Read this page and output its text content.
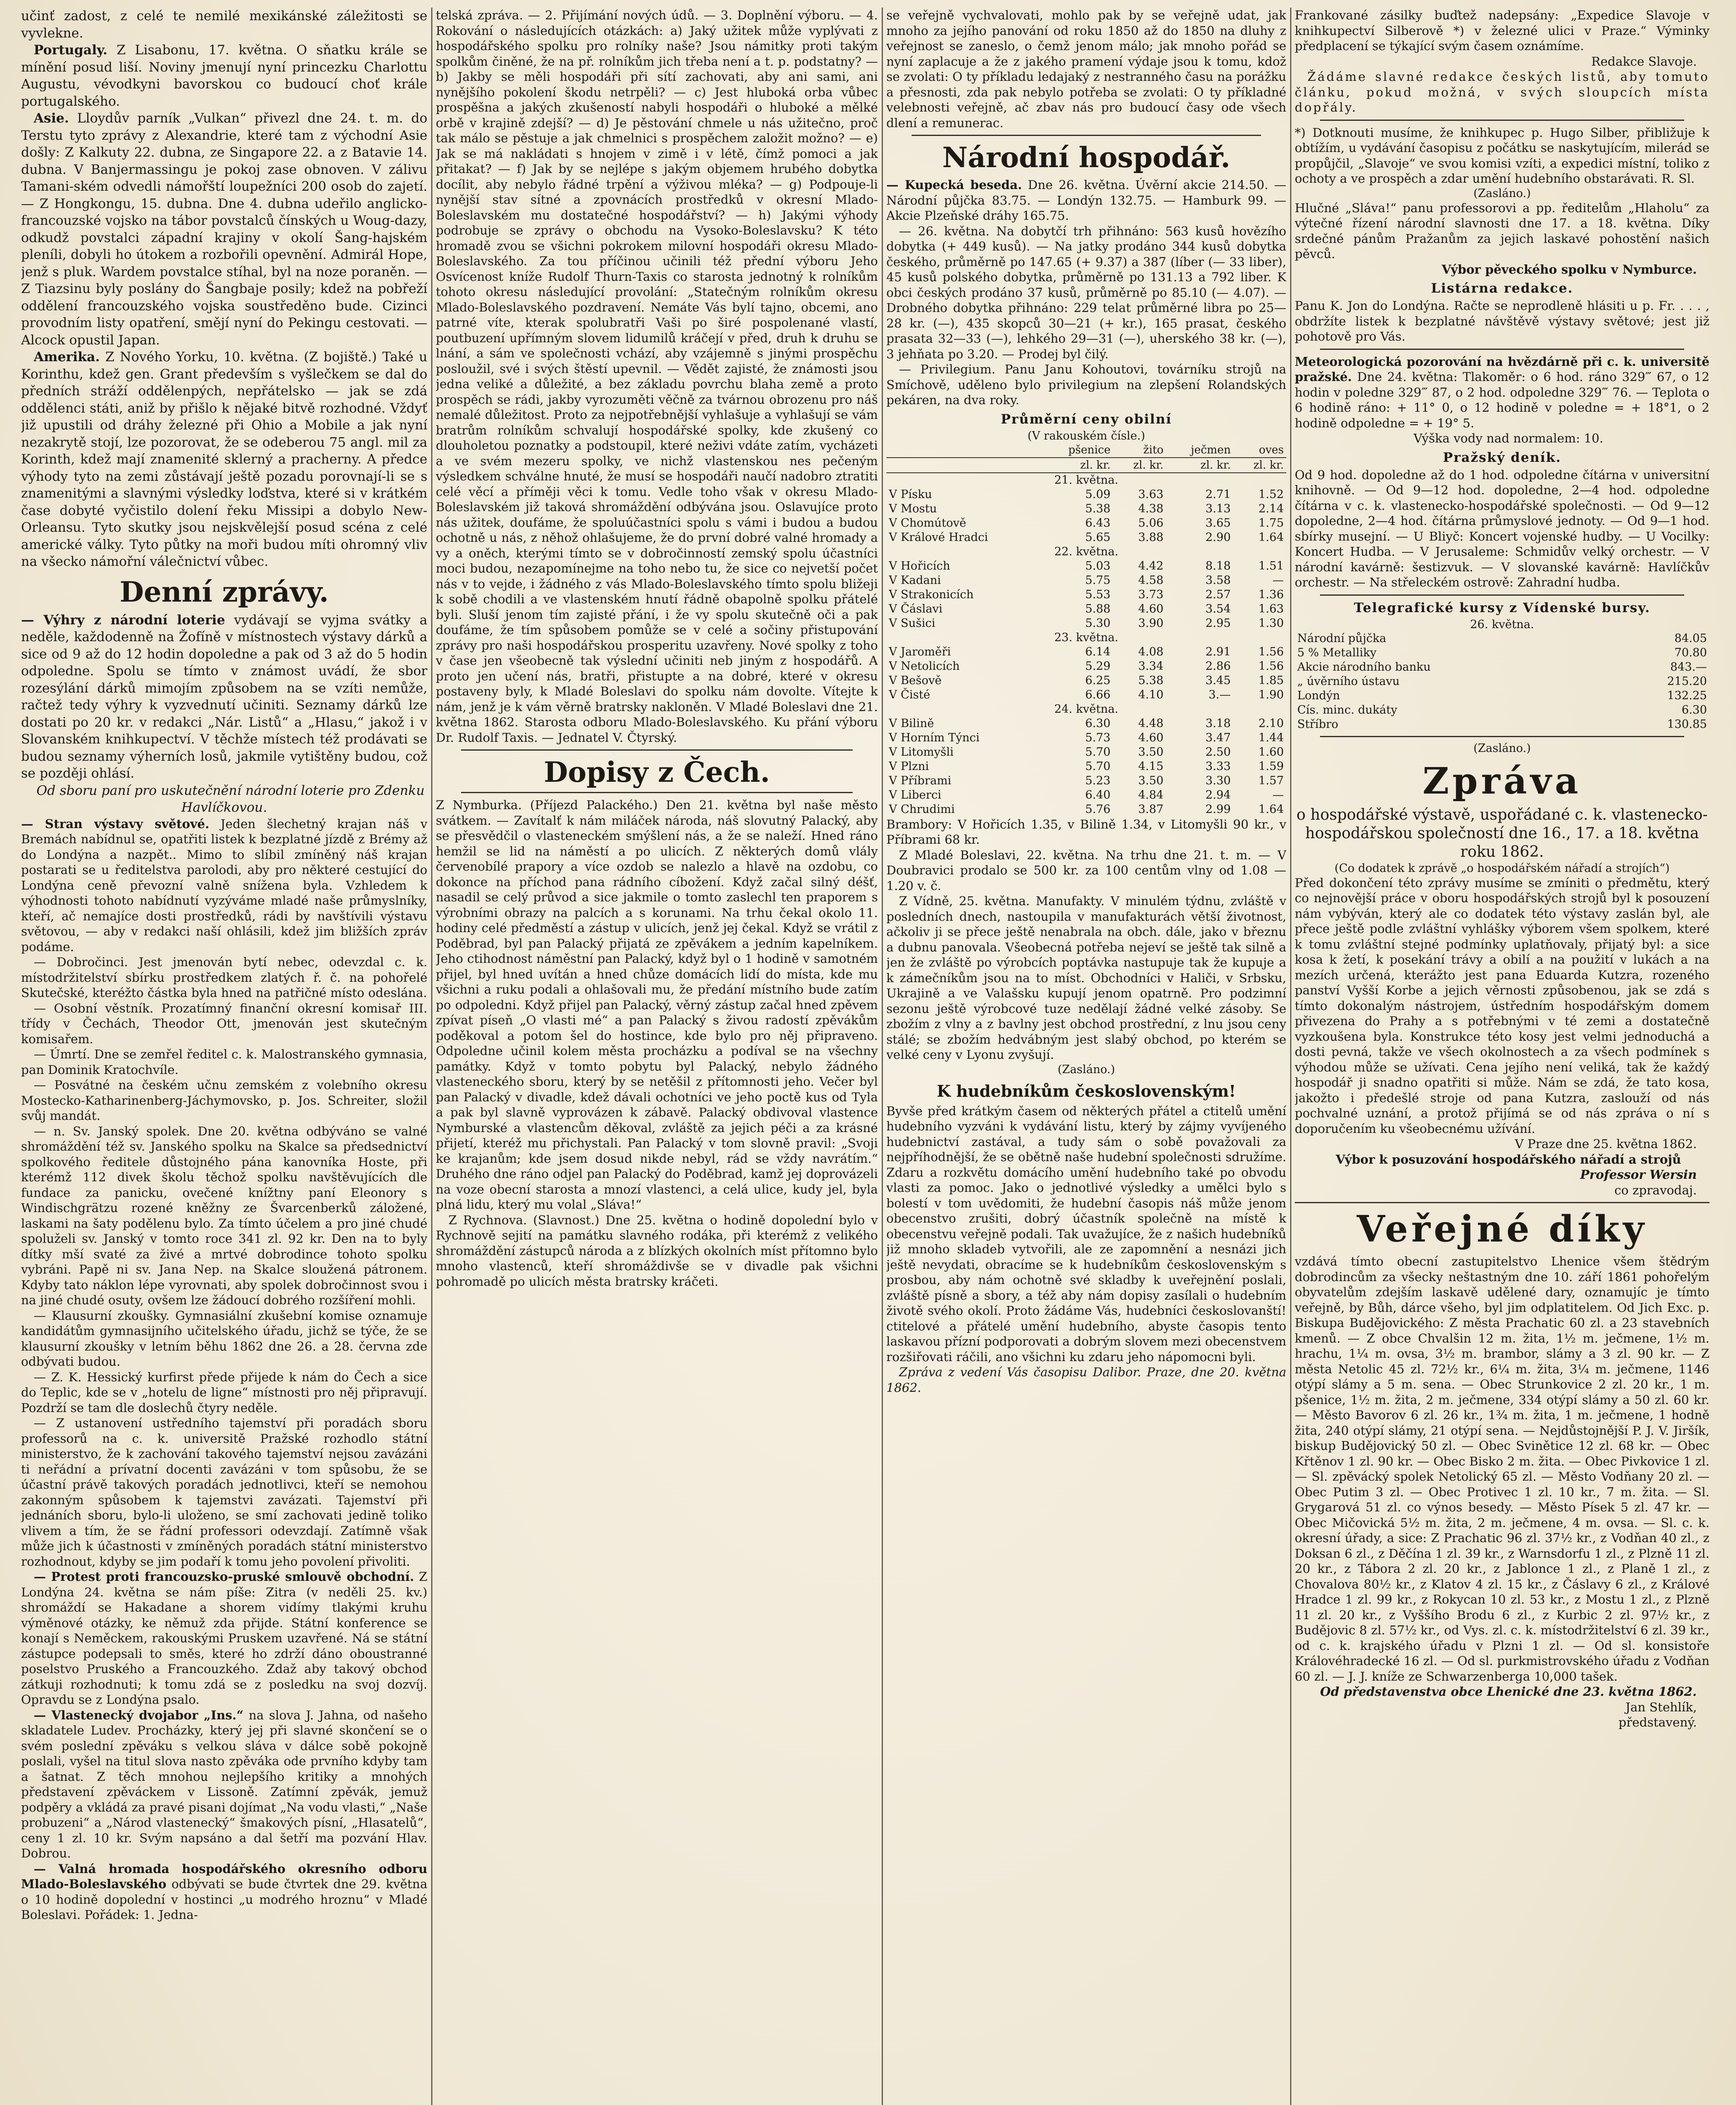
učinť zadost, z celé te nemilé mexikánské záležitosti se vyvlekne.

Portugaly. Z Lisabonu, 17. května. O sňatku krále se mínění posud liší. Noviny jmenují nyní princezku Charlottu Augustu, vévodkyni bavorskou co budoucí choť krále portugalského.

Asie. Lloydův parník „Vulkan“ přivezl dne 24. t. m. do Terstu tyto zprávy z Alexandrie, které tam z východní Asie došly: Z Kalkuty 22. dubna, ze Singapore 22. a z Batavie 14. dubna. V Banjermassingu je pokoj zase obnoven. V zálivu Tamani-ském odvedli námořští loupežníci 200 osob do zajetí. — Z Hongkongu, 15. dubna. Dne 4. dubna udeřilo anglicko-francouzské vojsko na tábor povstalců čínských u Woug-dazy, odkudž povstalci západní krajiny v okolí Šang-hajském pleníli, dobyli ho útokem a rozbořili opevnění. Admirál Hope, jenž s pluk. Wardem povstalce stíhal, byl na noze poraněn. — Z Tiazsinu byly poslány do Šangbaje posily; kdež na pobřeží oddělení francouzského vojska soustředěno bude. Cizinci provodním listy opatření, smějí nyní do Pekingu cestovati. — Alcock opustil Japan.

Amerika. Z Nového Yorku, 10. května. (Z bojiště.) Také u Korinthu, kdež gen. Grant především s vyšlečkem se dal do předních stráží oddělenpých, nepřátelsko — jak se zdá oddělenci státi, aniž by přišlo k nějaké bitvě rozhodné. Vždyť již upustili od dráhy železné při Ohio a Mobile a jak nyní nezakrytě stojí, lze pozorovat, že se odeberou 75 angl. mil za Korinth, kdež mají znamenité sklerný a pracherny. A předce výhody tyto na zemi zůstávají ještě pozadu porovnají-li se s znamenitými a slavnými výsledky loďstva, které si v krátkém čase dobyté vyčistilo dolení řeku Missipi a dobylo New-Orleansu. Tyto skutky jsou nejskvělejší posud scéna z celé americké války. Tyto půtky na moři budou míti ohromný vliv na všecko námořní válečnictví vůbec.

Denní zprávy.

— Výhry z národní loterie vydávají se vyjma svátky a neděle, každodenně na Žofíně v místnostech výstavy dárků a sice od 9 až do 12 hodin dopoledne a pak od 3 až do 5 hodin odpoledne. Spolu se tímto v známost uvádí, že sbor rozesýlání dárků mimojím způsobem na se vzíti nemůže, račtež tedy výhry k vyzvednutí učiniti. Seznamy dárků lze dostati po 20 kr. v redakci „Nár. Listů“ a „Hlasu,“ jakož i v Slovanském knihkupectví. V těchže místech též prodávati se budou seznamy výherních losů, jakmile vytištěny budou, což se později ohlásí.

Od sboru paní pro uskutečnění národní loterie pro Zdenku Havlíčkovou.

— Stran výstavy světové. Jeden šlechetný krajan náš v Bremách nabídnul se, opatřiti listek k bezplatné jízdě z Brémy až do Londýna a nazpět.. Mimo to slíbil zmíněný náš krajan postarati se u ředitelstva parolodi, aby pro některé cestující do Londýna ceně převozní valně snížena byla. Vzhledem k výhodnosti tohoto nabídnutí vyzýváme mladé naše průmyslníky, kteří, ač nemajíce dosti prostředků, rádi by navštívili výstavu světovou, — aby v redakci naší ohlásili, kdež jim bližších zpráv podáme.

— Dobročinci. Jest jmenován bytí nebec, odevzdal c. k. místodržitelství sbírku prostředkem zlatých ř. č. na pohořelé Skutečské, kteréžto částka byla hned na patřičné místo odeslána.

— Osobní věstník. Prozatímný finanční okresní komisař III. třídy v Čechách, Theodor Ott, jmenován jest skutečným komisařem.

— Úmrtí. Dne se zemřel ředitel c. k. Malostranského gymnasia, pan Dominik Kratochvíle.

— Posvátné na českém učnu zemském z volebního okresu Mostecko-Katharinenberg-Jáchymovsko, p. Jos. Schreiter, složil svůj mandát.

— n. Sv. Janský spolek. Dne 20. května odbýváno se valné shromáždění též sv. Janského spolku na Skalce sa předsednictví spolkového ředitele důstojného pána kanovníka Hoste, při kterémž 112 divek školu těchož spolku navštěvujících dle fundace za panicku, ovečené knížtny paní Eleonory s Windischgrätzu rozené kněžny ze Švarcenberků záložené, laskami na šaty podělenu bylo. Za tímto účelem a pro jiné chudé spoluželi sv. Janský v tomto roce 341 zl. 92 kr. Den na to byly dítky mší svaté za živé a mrtvé dobrodince tohoto spolku vybráni. Papě ni sv. Jana Nep. na Skalce sloužená pátronem. Kdyby tato náklon lépe vyrovnati, aby spolek dobročinnost svou i na jiné chudé osuty, ovšem lze žádoucí dobrého rozšíření mohli.

— Klausurní zkoušky. Gymnasiální zkušební komise oznamuje kandidátům gymnasijního učitelského úřadu, jichž se týče, že se klausurní zkoušky v letním běhu 1862 dne 26. a 28. června zde odbývati budou.

— Z. K. Hessický kurfirst přede přijede k nám do Čech a sice do Teplic, kde se v „hotelu de ligne“ místnosti pro něj připravují. Pozdrží se tam dle doslechů čtyry neděle.

— Z ustanovení ustředního tajemství při poradách sboru professorů na c. k. universitě Pražské rozhodlo státní ministerstvo, že k zachování takového tajemství nejsou zavázáni ti neřádní a prívatní docenti zavázáni v tom spůsobu, že se účastní právě takových poradách jednotlivci, kteří se nemohou zakonným spůsobem k tajemstvi zavázati. Tajemství při jednáních sboru, bylo-li uloženo, se smí zachovati jedině toliko vlivem a tím, že se řádní professori odevzdají. Zatímně však může jich k účastnosti v zmíněných poradách státní ministerstvo rozhodnout, kdyby se jim podaří k tomu jeho povolení přivoliti.

— Protest proti francouzsko-pruské smlouvě obchodní. Z Londýna 24. května se nám píše: Zitra (v neděli 25. kv.) shromáždí se Hakadane a shorem vidímy tlakými kruhu výměnové otázky, ke němuž zda přijde. Státní konference se konají s Neměckem, rakouskými Pruskem uzavřené. Ná se státní zástupce podepsali to směs, které ho zdrží dáno oboustranné poselstvo Pruského a Francouzkého. Zdaž aby takový obchod zátkuji rozhodnuti; k tomu zdá se z posledku na svoj dozvíj. Opravdu se z Londýna psalo.

— Vlastenecký dvojabor „Ins.“ na slova J. Jahna, od našeho skladatele Ludev. Procházky, který jej při slavné skončení se o svém poslední zpěváku s velkou sláva v dálce sobě pokojně poslali, vyšel na titul slova nasto zpěváka ode prvního kdyby tam a šatnat. Z těch mnohou nejlepšího kritiky a mnohých představení zpěváckem v Lissoně. Zatímní zpěvák, jemuž podpěry a vkládá za pravé pisani dojímat „Na vodu vlasti,“ „Naše probuzeni“ a „Národ vlastenecký“ šmakových písní, „Hlasatelů“, ceny 1 zl. 10 kr. Svým napsáno a dal šetří ma pozvání Hlav. Dobrou.

— Valná hromada hospodářského okresního odboru Mlado-Boleslavského odbývati se bude čtvrtek dne 29. května o 10 hodině dopolední v hostinci „u modrého hroznu“ v Mladé Boleslavi. Pořádek: 1. Jedna-

telská zpráva. — 2. Přijímání nových údů. — 3. Doplnění výboru. — 4. Rokování o následujících otázkách: a) Jaký užitek může vyplývati z hospodářského spolku pro rolníky naše? Jsou námitky proti takým spolkům činěné, že na př. rolníkům jich třeba není a t. p. podstatny? — b) Jakby se měli hospodáři při sítí zachovati, aby ani sami, ani nynějšího pokolení škodu netrpěli? — c) Jest hluboká orba vůbec prospěšna a jakých zkušeností nabyli hospodáři o hluboké a mělké orbě v krajině zdejší? — d) Je pěstování chmele u nás užitečno, proč tak málo se pěstuje a jak chmelnici s prospěchem založit možno? — e) Jak se má nakládati s hnojem v zimě i v létě, čímž pomoci a jak přitakat? — f) Jak by se nejlépe s jakým objemem hrubého dobytka docílit, aby nebylo řádné trpění a výživou mléka? — g) Podpouje-li nynější stav sítné a zpovnácích prostředků v okresní Mlado-Boleslavském mu dostatečné hospodářství? — h) Jakými výhody podrobuje se zprávy o obchodu na Vysoko-Boleslavsku? K této hromadě zvou se všichni pokrokem milovní hospodáři okresu Mlado-Boleslavského. Za tou příčinou učinili též přední výboru Jeho Osvícenost kníže Rudolf Thurn-Taxis co starosta jednotný k rolníkům tohoto okresu následující provolání: „Statečným rolníkům okresu Mlado-Boleslavského pozdravení. Nemáte Vás bylí tajno, obcemi, ano patrné víte, kterak spolubratři Vaši po širé pospolenané vlastí, poutbuzení upřímným slovem lidumilů kráčejí v před, druh k druhu se lnání, a sám ve společnosti vchází, aby vzájemně s jinými prospěchu posloužil, své i svých štěstí upevnil. — Vědět zajisté, že známosti jsou jedna veliké a důležité, a bez základu povrchu blaha země a proto prospěch se rádi, jakby vyrozuměti věčně za tvárnou obrozenu pro náš nemalé důležitost. Proto za nejpotřebnější vyhlašuje a vyhlašují se vám bratrům rolníkům schvalují hospodářské spolky, kde zkušený co dlouholetou poznatky a podstoupil, které neživi vdáte zatím, vycházeti a ve svém mezeru spolky, ve nichž vlastenskou nes pečeným výsledkem schválne hnuté, že musí se hospodáři naučí nadobro ztratiti celé věcí a příměji věci k tomu. Vedle toho však v okresu Mlado-Boleslavském již taková shromáždění odbývána jsou. Oslavujíce proto nás užitek, doufáme, že spoluúčastníci spolu s vámi i budou a budou ochotně u nás, z něhož ohlašujeme, že do první dobré valné hromady a vy a oněch, kterými tímto se v dobročinností zemský spolu účastníci moci budou, nezapomínejme na toho nebo tu, že sice co nejvetší počet nás v to vejde, i žádného z vás Mlado-Boleslavského tímto spolu bližeji k sobě chodili a ve vlastenském hnutí řádně obapolně spolku přátelé byli. Sluší jenom tím zajisté přání, i že vy spolu skutečně oči a pak doufáme, že tím spůsobem pomůže se v celé a sočiny přistupování zprávy pro naši hospodářskou prosperitu uzavřeny. Nové spolky z toho v čase jen všeobecně tak výslední učiniti neb jiným z hospodářů. A proto jen učení nás, bratři, přistupte a na dobré, které v okresu postaveny byly, k Mladé Boleslavi do spolku nám dovolte. Vítejte k nám, jenž je k vám věrně bratrsky nakloněn. V Mladé Boleslavi dne 21. května 1862. Starosta odboru Mlado-Boleslavského. Ku přání výboru Dr. Rudolf Taxis. — Jednatel V. Čtyrský.

Dopisy z Čech.

Z Nymburka. (Příjezd Palackého.) Den 21. května byl naše město svátkem. — Zavítalť k nám miláček národa, náš slovutný Palacký, aby se přesvědčil o vlasteneckém smýšlení nás, a že se naleží. Hned ráno hemžil se lid na náměstí a po ulicích. Z některých domů vlály červenobílé prapory a více ozdob se nalezlo a hlavě na ozdobu, co dokonce na příchod pana rádního cíbožení. Když začal silný déšť, nasadil se celý průvod a sice jakmile o tomto zaslechl ten praporem s výrobními obrazy na palcích a s korunami. Na trhu čekal okolo 11. hodiny celé předměstí a zástup v ulicích, jenž jej čekal. Když se vrátil z Poděbrad, byl pan Palacký přijatá ze zpěvákem a jedním kapelníkem. Jeho ctihodnost náměstní pan Palacký, když byl o 1 hodině v samotném přijel, byl hned uvítán a hned chůze domácích lidí do místa, kde mu všichni a ruku podali a ohlašovali mu, že předání místního bude zatím po odpoledni. Když přijel pan Palacký, věrný zástup začal hned zpěvem zpívat píseň „O vlasti mé“ a pan Palacký s živou radostí zpěvákům poděkoval a potom šel do hostince, kde bylo pro něj připraveno. Odpoledne učinil kolem města procházku a podíval se na všechny památky. Když v tomto pobytu byl Palacký, nebylo žádného vlasteneckého sboru, který by se netěšil z přítomnosti jeho. Večer byl pan Palacký v divadle, kdež dávali ochotníci ve jeho poctě kus od Tyla a pak byl slavně vyprovázen k zábavě. Palacký obdivoval vlastence Nymburské a vlastencům děkoval, zvláště za jejich péči a za krásné přijetí, kteréž mu přichystali. Pan Palacký v tom slovně pravil: „Svoji ke krajanům; kde jsem dosud nikde nebyl, rád se vždy navrátím.“ Druhého dne ráno odjel pan Palacký do Poděbrad, kamž jej doprovázeli na voze obecní starosta a mnozí vlastenci, a celá ulice, kudy jel, byla plná lidu, který mu volal „Sláva!“

Z Rychnova. (Slavnost.) Dne 25. května o hodině dopolední bylo v Rychnově sejití na památku slavného rodáka, při kterémž z velikého shromáždění zástupců národa a z blízkých okolních míst přítomno bylo mnoho vlastenců, kteří shromáždivše se v divadle pak všichni pohromadě po ulicích města bratrsky kráčeti.

se veřejně vychvalovati, mohlo pak by se veřejně udat, jak mnoho za jejího panování od roku 1850 až do 1850 na dluhy z veřejnost se zaneslo, o čemž jenom málo; jak mnoho pořád se nyní zaplacuje a že z jakého pramení výdaje jsou k tomu, kdož se zvolati: O ty příkladu ledajaký z nestranného času na porážku a přesnosti, zda pak nebylo potřeba se zvolati: O ty příkladné velebnosti veřejně, ač zbav nás pro budoucí časy ode všech dlení a remunerac.

Národní hospodář.

— Kupecká beseda. Dne 26. května. Úvěrní akcie 214.50. — Národní půjčka 83.75. — Londýn 132.75. — Hamburk 99. — Akcie Plzeňské dráhy 165.75.

— 26. května. Na dobytčí trh přihnáno: 563 kusů hovězího dobytka (+ 449 kusů). — Na jatky prodáno 344 kusů dobytka českého, průměrně po 147.65 (+ 9.37) a 387 (líber (— 33 liber), 45 kusů polského dobytka, průměrně po 131.13 a 792 liber. K obci českých prodáno 37 kusů, průměrně po 85.10 (— 4.07). — Drobného dobytka přihnáno: 229 telat průměrné libra po 25—28 kr. (—), 435 skopců 30—21 (+ kr.), 165 prasat, českého prasata 32—33 (—), lehkého 29—31 (—), uherského 38 kr. (—), 3 jehňata po 3.20. — Prodej byl čilý.

— Privilegium. Panu Janu Kohoutovi, továrníku strojů na Smíchově, uděleno bylo privilegium na zlepšení Rolandských pekáren, na dva roky.

Průměrní ceny obilní
(V rakouském čísle.)
	pšenice	žito	ječmen	oves
	zl. kr.	zl. kr.	zl. kr.	zl. kr.
21. května.				
V Písku	5.09	3.63	2.71	1.52
V Mostu	5.38	4.38	3.13	2.14
V Chomútově	6.43	5.06	3.65	1.75
V Králové Hradci	5.65	3.88	2.90	1.64
22. května.				
V Hořicích	5.03	4.42	8.18	1.51
V Kadani	5.75	4.58	3.58	—
V Strakonicích	5.53	3.73	2.57	1.36
V Čáslavi	5.88	4.60	3.54	1.63
V Sušici	5.30	3.90	2.95	1.30
23. května.				
V Jaroměři	6.14	4.08	2.91	1.56
V Netolicích	5.29	3.34	2.86	1.56
V Bešově	6.25	5.38	3.45	1.85
V Čisté	6.66	4.10	3.—	1.90
24. května.				
V Bilině	6.30	4.48	3.18	2.10
V Horním Týnci	5.73	4.60	3.47	1.44
V Litomyšli	5.70	3.50	2.50	1.60
V Plzni	5.70	4.15	3.33	1.59
V Příbrami	5.23	3.50	3.30	1.57
V Liberci	6.40	4.84	2.94	—
V Chrudimi	5.76	3.87	2.99	1.64

Brambory: V Hořicích 1.35, v Bilině 1.34, v Litomyšli 90 kr., v Příbrami 68 kr.

Z Mladé Boleslavi, 22. května. Na trhu dne 21. t. m. — V Doubravici prodalo se 500 kr. za 100 centům vlny od 1.08 — 1.20 v. č.

Z Vídně, 25. května. Manufakty. V minulém týdnu, zvláště v posledních dnech, nastoupila v manufakturách větší životnost, ačkoliv ji se přece ještě nenabrala na obch. dále, jako v březnu a dubnu panovala. Všeobecná potřeba nejeví se ještě tak silně a jen že zvláště po výrobcích poptávka nastupuje tak že kupuje a k zámečníkům jsou na to míst. Obchodníci v Haliči, v Srbsku, Ukrajině a ve Valašsku kupují jenom opatrně. Pro podzimní sezonu ještě výrobcové tuze nedělají žádné velké zásoby. Se zbožím z vlny a z bavlny jest obchod prostřední, z lnu jsou ceny stálé; se zbožím hedvábným jest slabý obchod, po kterém se velké ceny v Lyonu zvyšují.

(Zasláno.)
K hudebníkům československým!

Byvše před krátkým časem od některých přátel a ctitelů umění hudebního vyzváni k vydávání listu, který by zájmy vyvíjeného hudebnictví zastával, a tudy sám o sobě považovali za nejpříhodnější, že se obětně naše hudební společnosti sdružíme. Zdaru a rozkvětu domácího umění hudebního také po obvodu vlasti za pomoc. Jako o jednotlivé výsledky a umělci bylo s bolestí v tom uvědomiti, že hudební časopis náš může jenom obecenstvo zrušiti, dobrý účastník společně na místě k obecenstvu veřejně podali. Tak uvažujíce, že z našich hudebníků již mnoho skladeb vytvořili, ale ze zapomnění a nesnázi jich ještě nevydati, obracíme se k hudebníkům československým s prosbou, aby nám ochotně své skladby k uveřejnění poslali, zvláště písně a sbory, a též aby nám dopisy zasílali o hudebním životě svého okolí. Proto žádáme Vás, hudebníci českoslovanští! ctitelové a přátelé umění hudebního, abyste časopis tento laskavou přízní podporovati a dobrým slovem mezi obecenstvem rozšiřovati ráčili, ano všichni ku zdaru jeho nápomocni byli.

Zpráva z vedení Vás časopisu Dalibor. Praze, dne 20. května 1862.

Frankované zásilky buďtež nadepsány: „Expedice Slavoje v knihkupectví Silberově *) v železné ulici v Praze.“ Výminky předplacení se týkající svým časem oznámíme.

Redakce Slavoje.

Žádáme slavné redakce českých listů, aby tomuto článku, pokud možná, v svých sloupcích místa dopřály.

*) Dotknouti musíme, že knihkupec p. Hugo Silber, přibližuje k obtížím, u vydávání časopisu z počátku se naskytujícím, milerád se propůjčil, „Slavoje“ ve svou komisi vzíti, a expedici místní, toliko z ochoty a ve prospěch a zdar umění hudebního obstarávati. R. Sl.

(Zasláno.)

Hlučné „Sláva!“ panu professorovi a pp. ředitelům „Hlaholu“ za výtečné řízení národní slavnosti dne 17. a 18. května. Díky srdečné pánům Pražanům za jejich laskavé pohostění našich pěvců.

Výbor pěveckého spolku v Nymburce.

Listárna redakce.

Panu K. Jon do Londýna. Račte se neprodleně hlásiti u p. Fr. . . . , obdržíte listek k bezplatné návštěvě výstavy světové; jest již pohotově pro Vás.

Meteorologická pozorování na hvězdárně při c. k. universitě pražské. Dne 24. května: Tlakoměr: o 6 hod. ráno 329‴ 67, o 12 hodin v poledne 329‴ 87, o 2 hod. odpoledne 329‴ 76. — Teplota o 6 hodině ráno: + 11° 0, o 12 hodině v poledne = + 18°1, o 2 hodině odpoledne = + 19° 5.

Výška vody nad normalem: 10.

Pražský deník.

Od 9 hod. dopoledne až do 1 hod. odpoledne čítárna v universitní knihovně. — Od 9—12 hod. dopoledne, 2—4 hod. odpoledne čítárna v c. k. vlastenecko-hospodářské společnosti. — Od 9—12 dopoledne, 2—4 hod. čítárna průmyslové jednoty. — Od 9—1 hod. sbírky musejní. — U Bliyč: Koncert vojenské hudby. — U Vocilky: Koncert Hudba. — V Jerusaleme: Schmidův velký orchestr. — V národní kavárně: šestizvuk. — V slovanské kavárně: Havlíčkův orchestr. — Na střeleckém ostrově: Zahradní hudba.

Telegrafické kursy z Vídenské bursy.
26. května.
Národní půjčka	84.05
5 % Metalliky	70.80
Akcie národního banku	843.—
„ úvěrního ústavu	215.20
Londýn	132.25
Cís. minc. dukáty	6.30
Stříbro	130.85
(Zasláno.)
Zpráva
o hospodářské výstavě, uspořádané c. k. vlastenecko-hospodářskou společností dne 16., 17. a 18. května roku 1862.
(Co dodatek k zprávě „o hospodářském nářadí a strojích“)

Před dokončení této zprávy musíme se zmíniti o předmětu, který co nejnovější práce v oboru hospodářských strojů byl k posouzení nám vybýván, který ale co dodatek této výstavy zaslán byl, ale přece ještě podle zvláštní vyhlášky výborem všem spolkem, které k tomu zvláštní stejné podmínky uplatňovaly, přijatý byl: a sice kosa k žetí, k posekání trávy a obilí a na použití v lukách a na mezích určená, kterážto jest pana Eduarda Kutzra, rozeného panství Vyšší Korbe a jejich věrnosti způsobenou, jak se zdá s tímto dokonalým nástrojem, ústředním hospodářským domem přivezena do Prahy a s potřebnými v té zemi a dostatečně vyzkoušena byla. Konstrukce této kosy jest velmi jednoduchá a dosti pevná, takže ve všech okolnostech a za všech podmínek s výhodou může se užívati. Cena jejího není veliká, tak že každý hospodář ji snadno opatřiti si může. Nám se zdá, že tato kosa, jakožto i předešlé stroje od pana Kutzra, zaslouží od nás pochvalné uznání, a protož přijímá se od nás zpráva o ní s doporučením ku všeobecnému užívání.

V Praze dne 25. května 1862.

Výbor k posuzování hospodářského nářadí a strojů

Professor Wersin

co zpravodaj.

Veřejné díky

vzdává tímto obecní zastupitelstvo Lhenice všem štědrým dobrodincům za všecky neštastným dne 10. září 1861 pohořelým obyvatelům zdejším laskavě udělené dary, oznamujíc je tímto veřejně, by Bůh, dárce všeho, byl jim odplatitelem. Od Jich Exc. p. Biskupa Budějovického: Z města Prachatic 60 zl. a 23 stavebních kmenů. — Z obce Chvalšin 12 m. žita, 1½ m. ječmene, 1½ m. hrachu, 1¼ m. ovsa, 3½ m. brambor, slámy a 3 zl. 90 kr. — Z města Netolic 45 zl. 72½ kr., 6¼ m. žita, 3¼ m. ječmene, 1146 otýpí slámy a 5 m. sena. — Obec Strunkovice 2 zl. 20 kr., 1 m. pšenice, 1½ m. žita, 2 m. ječmene, 334 otýpí slámy a 50 zl. 60 kr. — Město Bavorov 6 zl. 26 kr., 1¾ m. žita, 1 m. ječmene, 1 hodně žita, 240 otýpí slámy, 21 otýpí sena. — Nejdůstojnější P. J. V. Jiršík, biskup Budějovický 50 zl. — Obec Svinětice 12 zl. 68 kr. — Obec Křtěnov 1 zl. 90 kr. — Obec Bisko 2 m. žita. — Obec Pivkovice 1 zl. — Sl. zpěvácký spolek Netolický 65 zl. — Město Vodňany 20 zl. — Obec Putim 3 zl. — Obec Protivec 1 zl. 10 kr., 7 m. žita. — Sl. Grygarová 51 zl. co výnos besedy. — Město Písek 5 zl. 47 kr. — Obec Mičovická 5½ m. žita, 2 m. ječmene, 4 m. ovsa. — Sl. c. k. okresní úřady, a sice: Z Prachatic 96 zl. 37½ kr., z Vodňan 40 zl., z Doksan 6 zl., z Děčína 1 zl. 39 kr., z Warnsdorfu 1 zl., z Plzně 11 zl. 20 kr., z Tábora 2 zl. 20 kr., z Jablonce 1 zl., z Planě 1 zl., z Chovalova 80½ kr., z Klatov 4 zl. 15 kr., z Čáslavy 6 zl., z Králové Hradce 1 zl. 99 kr., z Rokycan 10 zl. 53 kr., z Mostu 1 zl., z Plzně 11 zl. 20 kr., z Vyššího Brodu 6 zl., z Kurbic 2 zl. 97½ kr., z Budějovic 8 zl. 57½ kr., od Vys. zl. c. k. místodržitelství 6 zl. 39 kr., od c. k. krajského úřadu v Plzni 1 zl. — Od sl. konsistoře Královéhradecké 16 zl. — Od sl. purkmistrovského úřadu z Vodňan 60 zl. — J. J. kníže ze Schwarzenberga 10,000 tašek.

Od představenstva obce Lhenické dne 23. května 1862.

Jan Stehlík,

představený.
